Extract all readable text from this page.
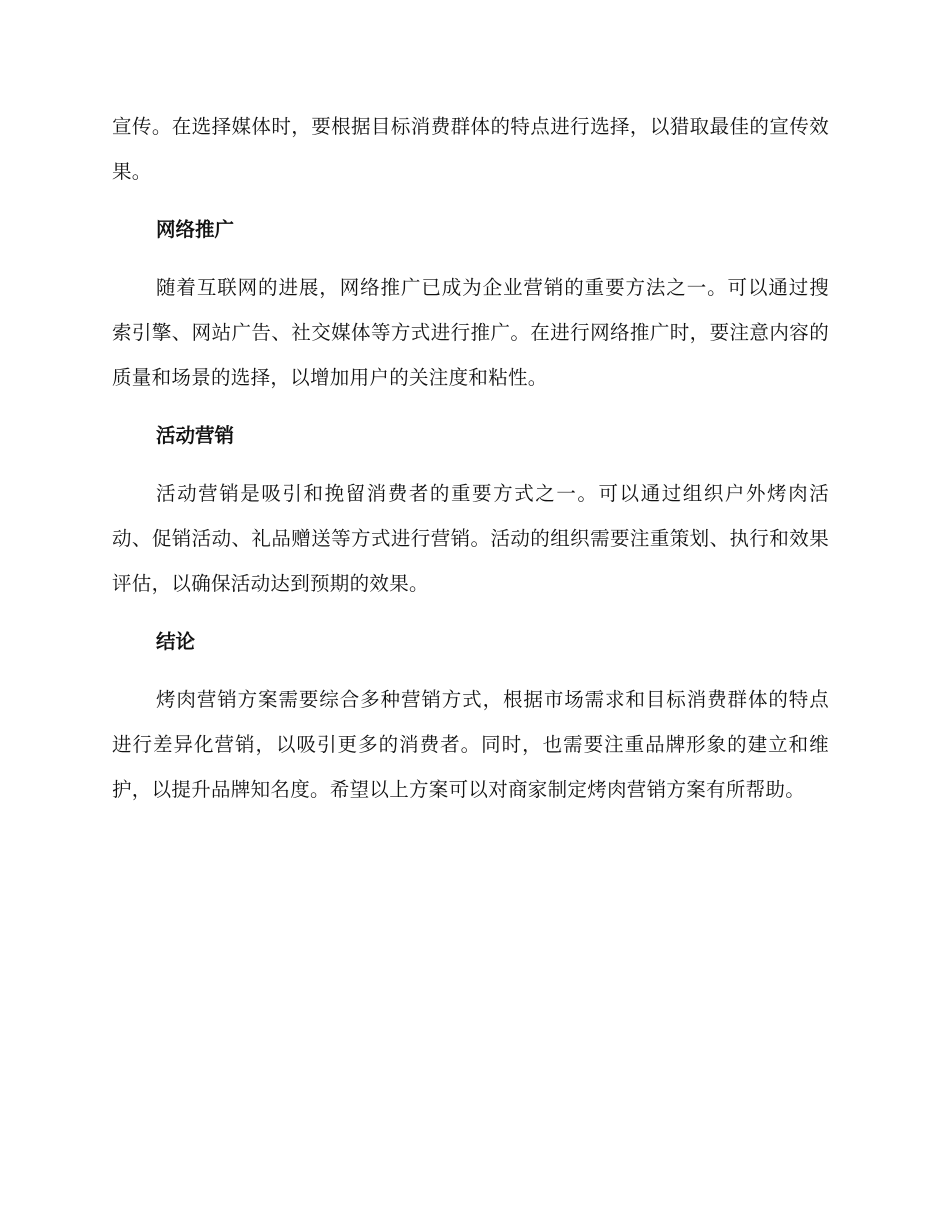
宣传。在选择媒体时，要根据目标消费群体的特点进行选择，以猎取最佳的宣传效果。

网络推广

随着互联网的进展，网络推广已成为企业营销的重要方法之一。可以通过搜索引擎、网站广告、社交媒体等方式进行推广。在进行网络推广时，要注意内容的质量和场景的选择，以增加用户的关注度和粘性。

活动营销

活动营销是吸引和挽留消费者的重要方式之一。可以通过组织户外烤肉活动、促销活动、礼品赠送等方式进行营销。活动的组织需要注重策划、执行和效果评估，以确保活动达到预期的效果。

结论

烤肉营销方案需要综合多种营销方式，根据市场需求和目标消费群体的特点进行差异化营销，以吸引更多的消费者。同时，也需要注重品牌形象的建立和维护，以提升品牌知名度。希望以上方案可以对商家制定烤肉营销方案有所帮助。
